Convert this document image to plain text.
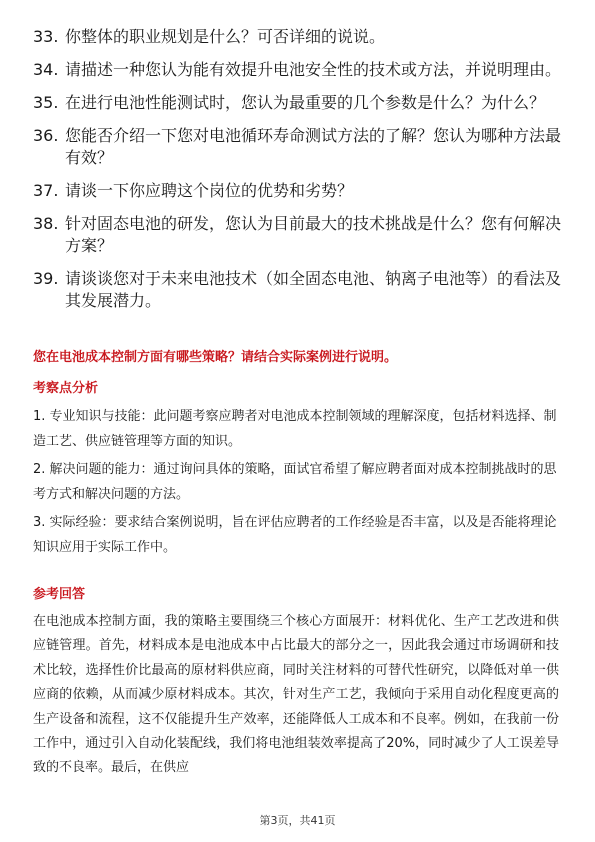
33. 你整体的职业规划是什么？可否详细的说说。
34. 请描述一种您认为能有效提升电池安全性的技术或方法，并说明理由。
35. 在进行电池性能测试时，您认为最重要的几个参数是什么？为什么？
36. 您能否介绍一下您对电池循环寿命测试方法的了解？您认为哪种方法最有效？
37. 请谈一下你应聘这个岗位的优势和劣势？
38. 针对固态电池的研发，您认为目前最大的技术挑战是什么？您有何解决方案？
39. 请谈谈您对于未来电池技术（如全固态电池、钠离子电池等）的看法及其发展潜力。
您在电池成本控制方面有哪些策略？请结合实际案例进行说明。
考察点分析
1. 专业知识与技能：此问题考察应聘者对电池成本控制领域的理解深度，包括材料选择、制造工艺、供应链管理等方面的知识。
2. 解决问题的能力：通过询问具体的策略，面试官希望了解应聘者面对成本控制挑战时的思考方式和解决问题的方法。
3. 实际经验：要求结合案例说明，旨在评估应聘者的工作经验是否丰富，以及是否能将理论知识应用于实际工作中。
参考回答
在电池成本控制方面，我的策略主要围绕三个核心方面展开：材料优化、生产工艺改进和供应链管理。首先，材料成本是电池成本中占比最大的部分之一，因此我会通过市场调研和技术比较，选择性价比最高的原材料供应商，同时关注材料的可替代性研究，以降低对单一供应商的依赖，从而减少原材料成本。其次，针对生产工艺，我倾向于采用自动化程度更高的生产设备和流程，这不仅能提升生产效率，还能降低人工成本和不良率。例如，在我前一份工作中，通过引入自动化装配线，我们将电池组装效率提高了20%，同时减少了人工误差导致的不良率。最后，在供应
第3页，共41页
